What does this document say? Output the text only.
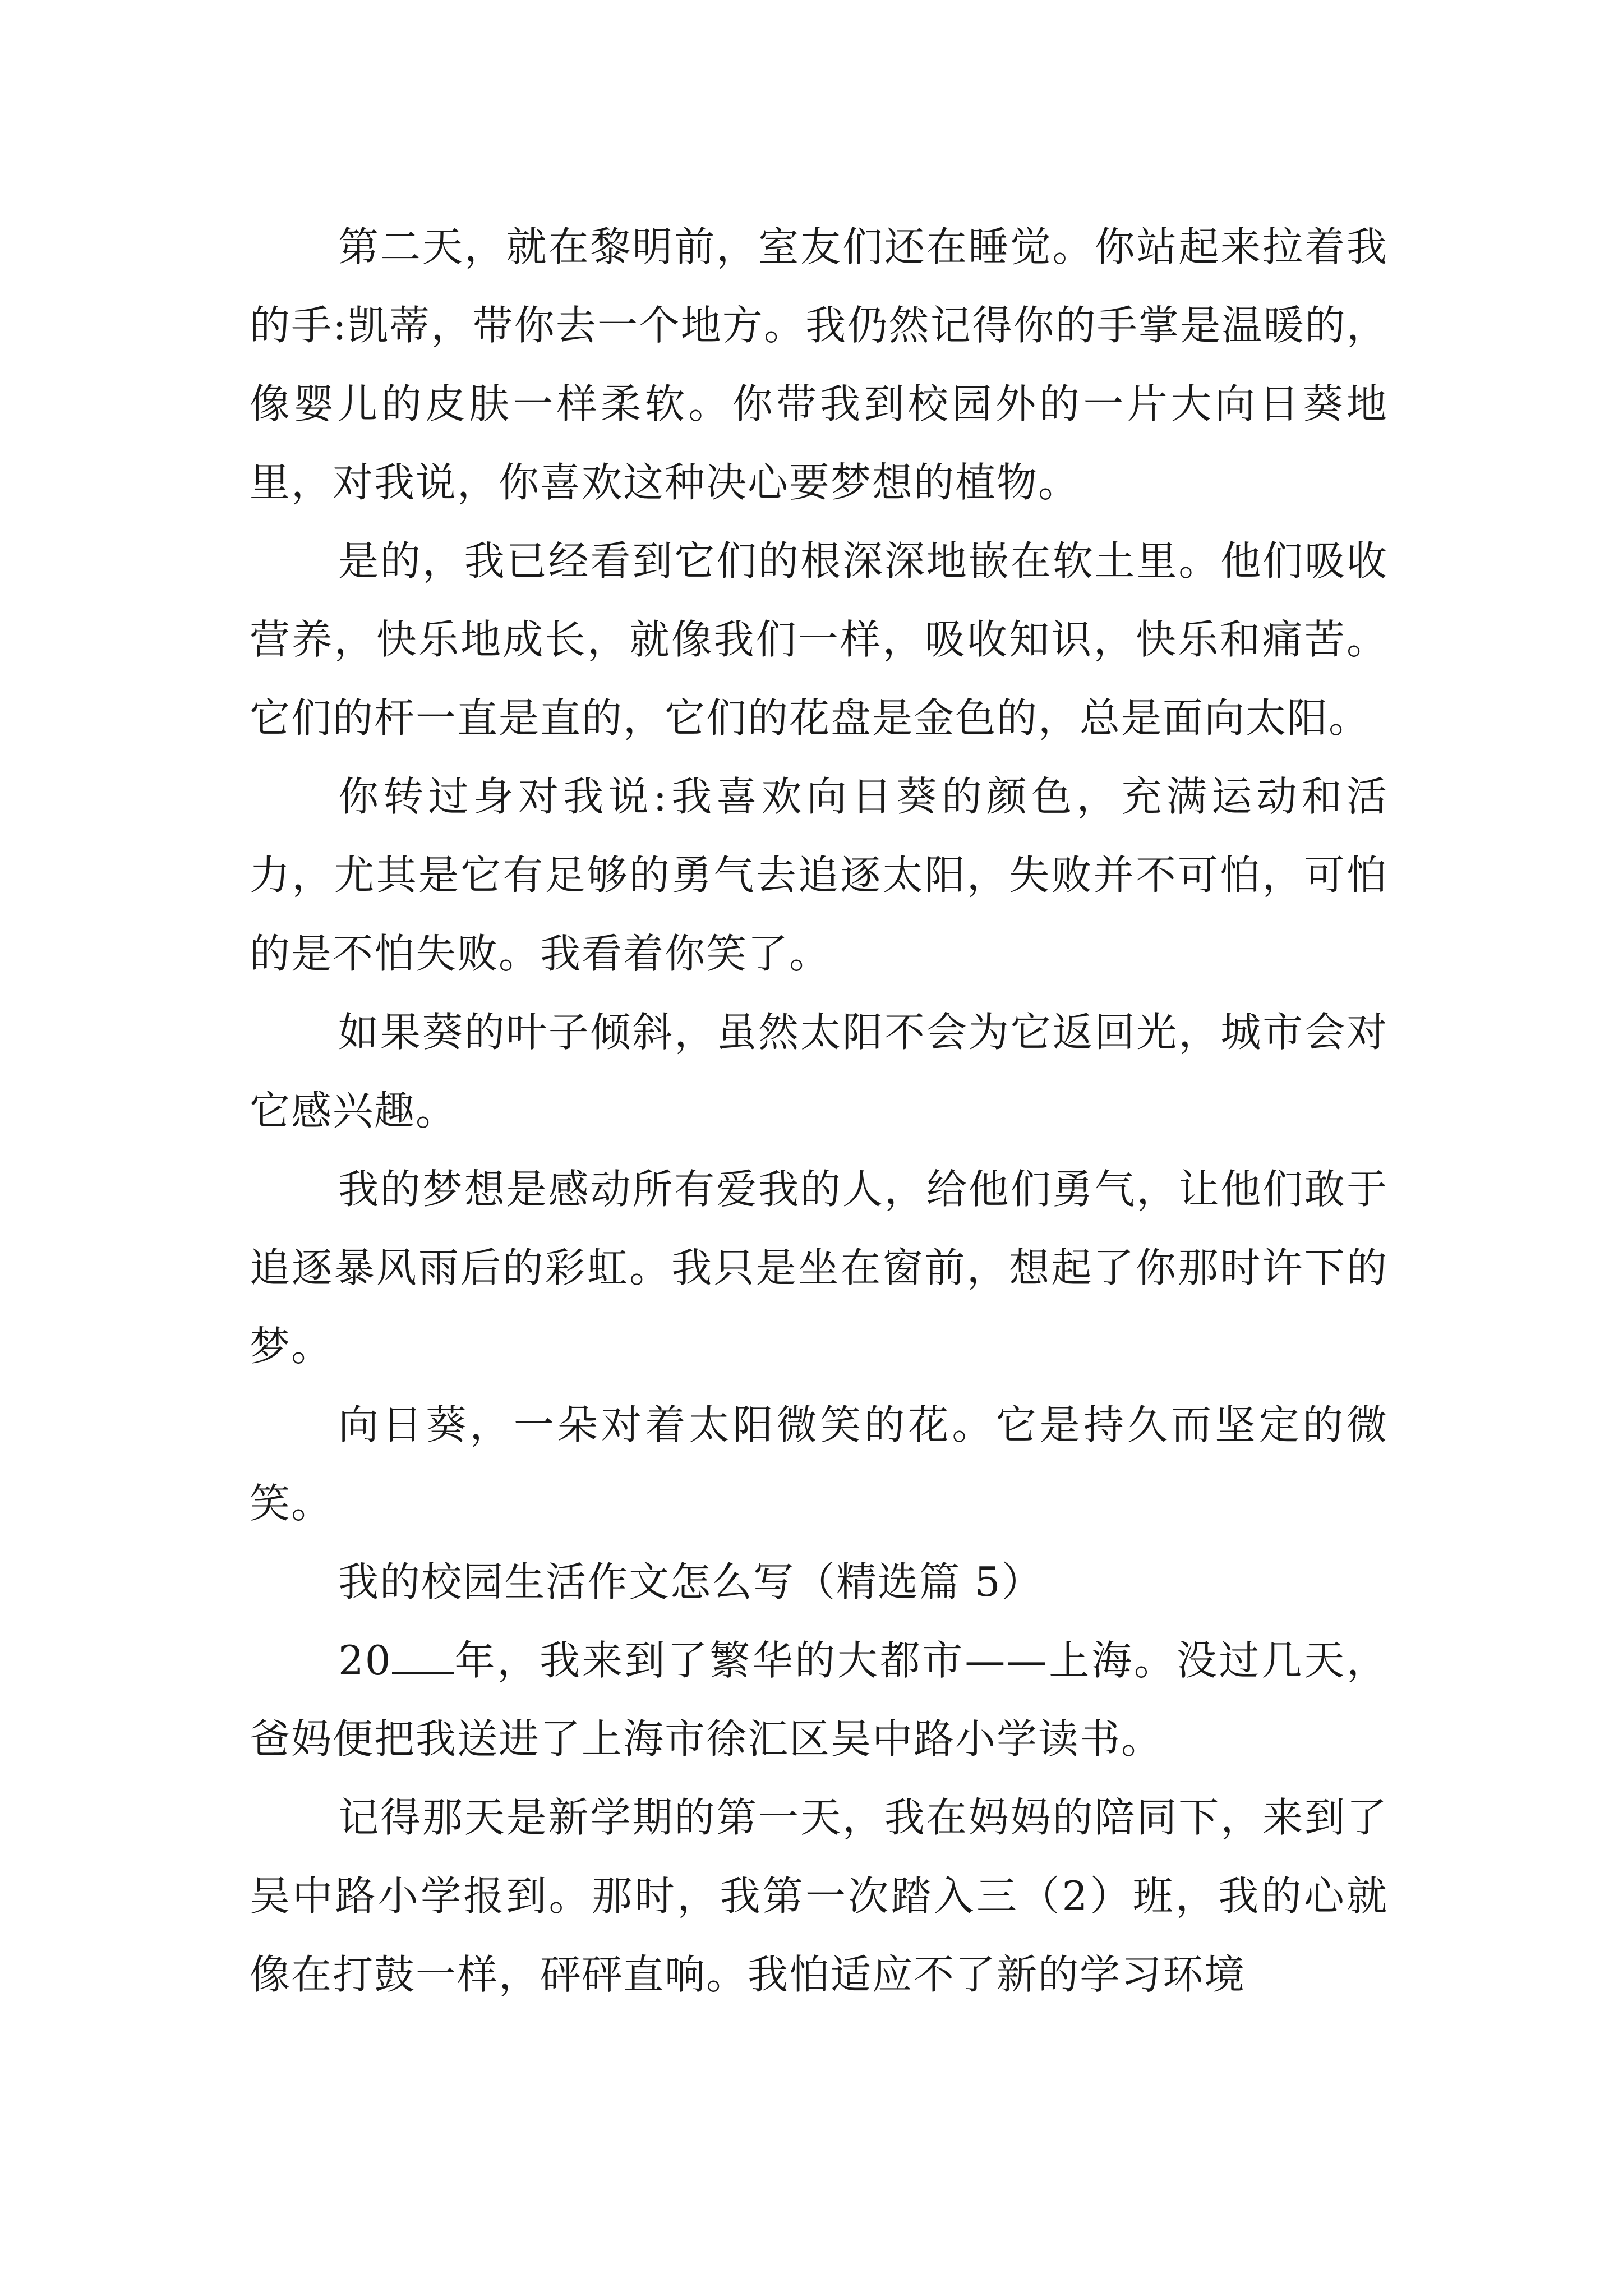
第二天，就在黎明前，室友们还在睡觉。你站起来拉着我的手:凯蒂，带你去一个地方。我仍然记得你的手掌是温暖的，像婴儿的皮肤一样柔软。你带我到校园外的一片大向日葵地里，对我说，你喜欢这种决心要梦想的植物。

是的，我已经看到它们的根深深地嵌在软土里。他们吸收营养，快乐地成长，就像我们一样，吸收知识，快乐和痛苦。它们的杆一直是直的，它们的花盘是金色的，总是面向太阳。

你转过身对我说:我喜欢向日葵的颜色，充满运动和活力，尤其是它有足够的勇气去追逐太阳，失败并不可怕，可怕的是不怕失败。我看着你笑了。

如果葵的叶子倾斜，虽然太阳不会为它返回光，城市会对它感兴趣。

我的梦想是感动所有爱我的人，给他们勇气，让他们敢于追逐暴风雨后的彩虹。我只是坐在窗前，想起了你那时许下的梦。

向日葵，一朵对着太阳微笑的花。它是持久而坚定的微笑。

我的校园生活作文怎么写（精选篇 5）

20 年，我来到了繁华的大都市——上海。没过几天，爸妈便把我送进了上海市徐汇区吴中路小学读书。

记得那天是新学期的第一天，我在妈妈的陪同下，来到了吴中路小学报到。那时，我第一次踏入三（2）班，我的心就像在打鼓一样，砰砰直响。我怕适应不了新的学习环境
